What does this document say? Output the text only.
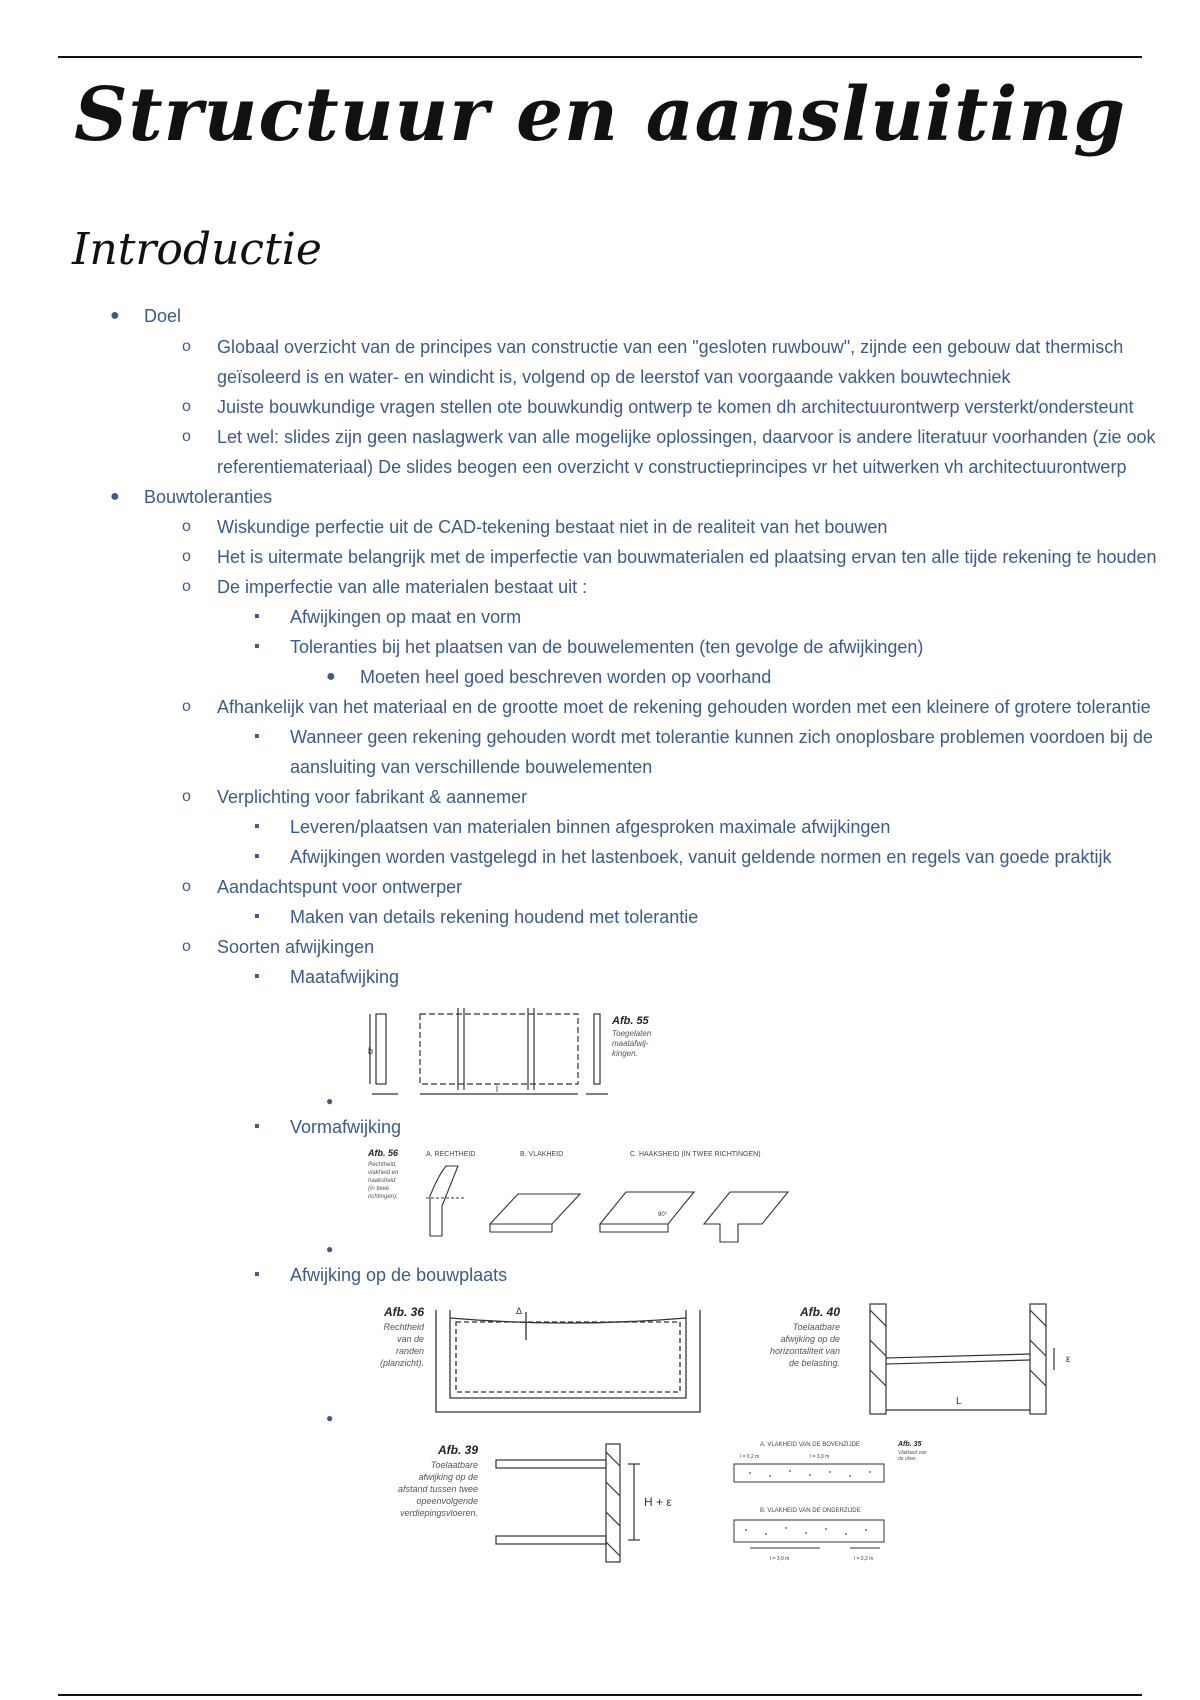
Structuur en aansluiting
Introductie
● Doel
o Globaal overzicht van de principes van constructie van een "gesloten ruwbouw", zijnde een gebouw dat thermisch
geïsoleerd is en water- en windicht is, volgend op de leerstof van voorgaande vakken bouwtechniek
o Juiste bouwkundige vragen stellen ote bouwkundig ontwerp te komen dh architectuurontwerp versterkt/ondersteunt
o Let wel: slides zijn geen naslagwerk van alle mogelijke oplossingen, daarvoor is andere literatuur voorhanden (zie ook
referentiemateriaal) De slides beogen een overzicht v constructieprincipes vr het uitwerken vh architectuurontwerp
● Bouwtoleranties
o Wiskundige perfectie uit de CAD-tekening bestaat niet in de realiteit van het bouwen
o Het is uitermate belangrijk met de imperfectie van bouwmaterialen ed plaatsing ervan ten alle tijde rekening te houden
o De imperfectie van alle materialen bestaat uit :
▪ Afwijkingen op maat en vorm
▪ Toleranties bij het plaatsen van de bouwelementen (ten gevolge de afwijkingen)
● Moeten heel goed beschreven worden op voorhand
o Afhankelijk van het materiaal en de grootte moet de rekening gehouden worden met een kleinere of grotere tolerantie
▪ Wanneer geen rekening gehouden wordt met tolerantie kunnen zich onoplosbare problemen voordoen bij de
aansluiting van verschillende bouwelementen
o Verplichting voor fabrikant & aannemer
▪ Leveren/plaatsen van materialen binnen afgesproken maximale afwijkingen
▪ Afwijkingen worden vastgelegd in het lastenboek, vanuit geldende normen en regels van goede praktijk
o Aandachtspunt voor ontwerper
▪ Maken van details rekening houdend met tolerantie
o Soorten afwijkingen
▪ Maatafwijking
b
l
Afb. 55
Toegelaten
maatafwij-
kingen.
●
▪ Vormafwijking
Afb. 56
Rechtheid,
vlakheid en
haaksheid
(in twee
richtingen).
A. RECHTHEID	B. VLAKHEID	C. HAAKSHEID (IN TWEE RICHTINGEN)
90°
●
▪ Afwijking op de bouwplaats
Afb. 36
Rechtheid
van de
randen
(planzicht).
Δ	Afb. 40
Toelaatbare
afwijking op de
horizontaliteit van
de belasting.	ε
L
●
Afb. 39
Toelaatbare
afwijking op de
afstand tussen twee
opeenvolgende
verdiepingsvloeren.
H + ε
A. VLAKHEID VAN DE BOVENZIJDE	Afb. 35
Vlakheid van
de vloer.
l = 0,2 m	l = 3,0 m
B. VLAKHEID VAN DE ONDERZIJDE
l = 3,0 m	l = 0,2 m
